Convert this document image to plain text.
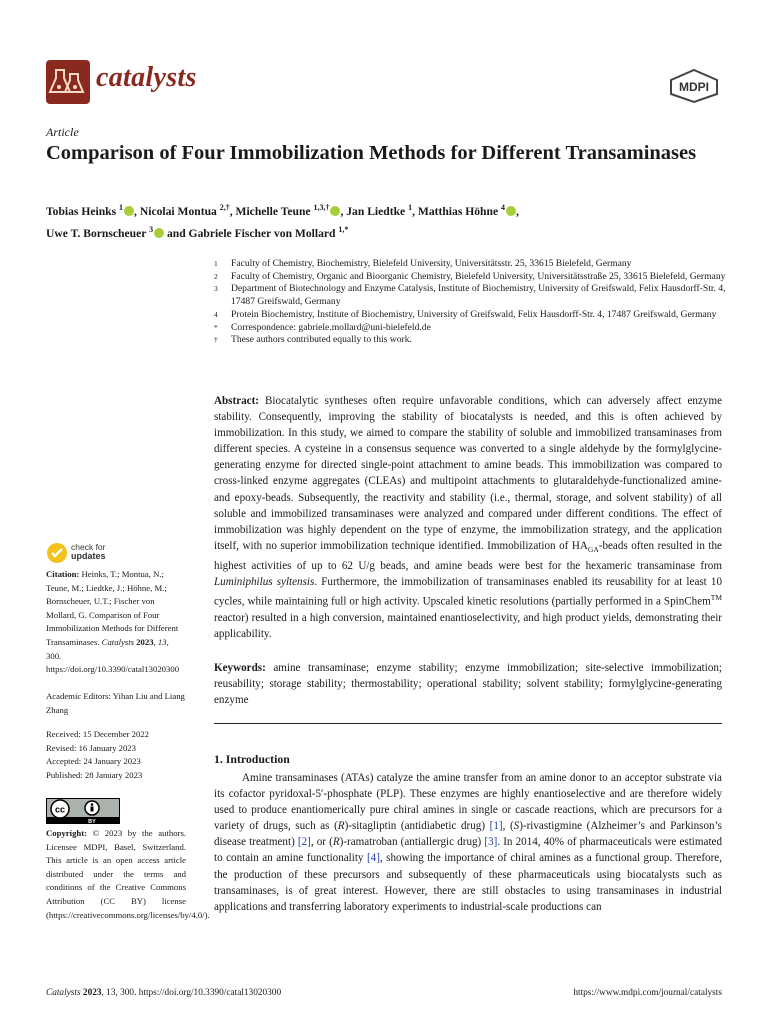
catalysts	MDPI
Article
Comparison of Four Immobilization Methods for Different Transaminases
Tobias Heinks $^1$ , Nicolai Montua $^{2,\dagger}$, Michelle Teune $^{1,3,\dagger}$ , Jan Liedtke $^1$, Matthias Höhne $^4$ ,
Uwe T. Bornscheuer $^3$ and Gabriele Fischer von Mollard $^{1,*}$
1	Faculty of Chemistry, Biochemistry, Bielefeld University, Universitätsstr. 25, 33615 Bielefeld, Germany
2	Faculty of Chemistry, Organic and Bioorganic Chemistry, Bielefeld University, Universitätsstraße 25, 33615 Bielefeld, Germany
3	Department of Biotechnology and Enzyme Catalysis, Institute of Biochemistry, University of Greifswald, Felix Hausdorff-Str. 4, 17487 Greifswald, Germany
4	Protein Biochemistry, Institute of Biochemistry, University of Greifswald, Felix Hausdorff-Str. 4, 17487 Greifswald, Germany
*	Correspondence: gabriele.mollard@uni-bielefeld.de
†	These authors contributed equally to this work.
Abstract: Biocatalytic syntheses often require unfavorable conditions, which can adversely affect enzyme stability. Consequently, improving the stability of biocatalysts is needed, and this is often achieved by immobilization. In this study, we aimed to compare the stability of soluble and immobilized transaminases from different species. A cysteine in a consensus sequence was converted to a single aldehyde by the formylglycine-generating enzyme for directed single-point attachment to amine beads. This immobilization was compared to cross-linked enzyme aggregates (CLEAs) and multipoint attachments to glutaraldehyde-functionalized amine- and epoxy-beads. Subsequently, the reactivity and stability (i.e., thermal, storage, and solvent stability) of all soluble and immobilized transaminases were analyzed and compared under different conditions. The effect of immobilization was highly dependent on the type of enzyme, the immobilization strategy, and the application itself, with no superior immobilization technique identified. Immobilization of $HA_{GA}$-beads often resulted in the highest activities of up to 62 U/g beads, and amine beads were best for the hexameric transaminase from Luminiphilus syltensis. Furthermore, the immobilization of transaminases enabled its reusability for at least 10 cycles, while maintaining full or high activity. Upscaled kinetic resolutions (partially performed in a SpinChem™ reactor) resulted in a high conversion, maintained enantioselectivity, and high product yields, demonstrating their applicability.
Keywords: amine transaminase; enzyme stability; enzyme immobilization; site-selective immobilization; reusability; storage stability; thermostability; operational stability; solvent stability; formylglycine-generating enzyme
1. Introduction
Amine transaminases (ATAs) catalyze the amine transfer from an amine donor to an acceptor substrate via its cofactor pyridoxal-5′-phosphate (PLP). These enzymes are highly enantioselective and are therefore widely used to produce enantiomerically pure chiral amines in single or cascade reactions, which are precursors for a variety of drugs, such as (R)-sitagliptin (antidiabetic drug) [1], (S)-rivastigmine (Alzheimer’s and Parkinson’s disease treatment) [2], or (R)-ramatroban (antiallergic drug) [3]. In 2014, 40% of pharmaceuticals were estimated to contain an amine functionality [4], showing the importance of chiral amines as a functional group. Therefore, the production of these precursors and subsequently of these pharmaceuticals using biocatalysts such as transaminases, is of great interest. However, there are still obstacles to using transaminases in industrial applications and transferring laboratory experiments to industrial-scale productions can
check for
updates
Citation: Heinks, T.; Montua, N.; Teune, M.; Liedtke, J.; Höhne, M.; Bornscheuer, U.T.; Fischer von Mollard, G. Comparison of Four Immobilization Methods for Different Transaminases. Catalysts 2023, 13, 300. https://doi.org/10.3390/catal13020300
Academic Editors: Yihan Liu and Liang Zhang
Received: 15 December 2022
Revised: 16 January 2023
Accepted: 24 January 2023
Published: 28 January 2023
cc
BY
Copyright: © 2023 by the authors. Licensee MDPI, Basel, Switzerland. This article is an open access article distributed under the terms and conditions of the Creative Commons Attribution (CC BY) license (https://creativecommons.org/licenses/by/4.0/).
Catalysts 2023, 13, 300. https://doi.org/10.3390/catal13020300	https://www.mdpi.com/journal/catalysts
